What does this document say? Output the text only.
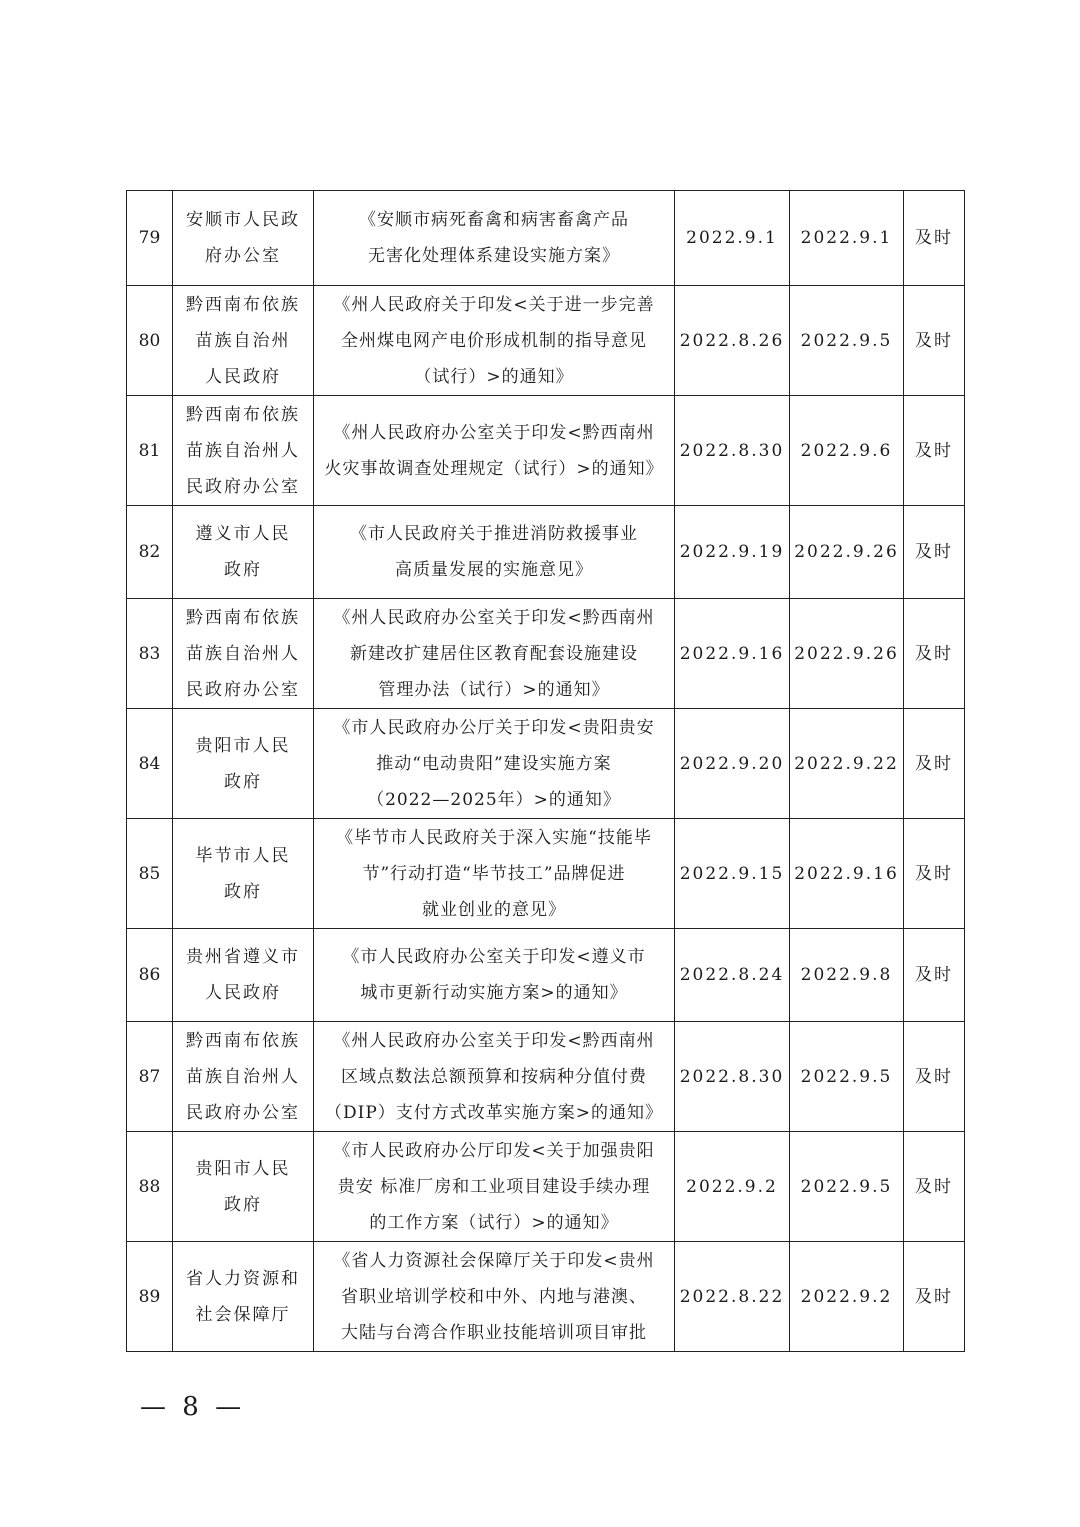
79	安顺市人民政
府办公室	《安顺市病死畜禽和病害畜禽产品
无害化处理体系建设实施方案》	2022.9.1	2022.9.1	及时
80	黔西南布依族
苗族自治州
人民政府	《州人民政府关于印发<关于进一步完善
全州煤电网产电价形成机制的指导意见
（试行）>的通知》	2022.8.26	2022.9.5	及时
81	黔西南布依族
苗族自治州人
民政府办公室	《州人民政府办公室关于印发<黔西南州
火灾事故调查处理规定（试行）>的通知》	2022.8.30	2022.9.6	及时
82	遵义市人民
政府	《市人民政府关于推进消防救援事业
高质量发展的实施意见》	2022.9.19	2022.9.26	及时
83	黔西南布依族
苗族自治州人
民政府办公室	《州人民政府办公室关于印发<黔西南州
新建改扩建居住区教育配套设施建设
管理办法（试行）>的通知》	2022.9.16	2022.9.26	及时
84	贵阳市人民
政府	《市人民政府办公厅关于印发<贵阳贵安
推动“电动贵阳”建设实施方案
（2022—2025年）>的通知》	2022.9.20	2022.9.22	及时
85	毕节市人民
政府	《毕节市人民政府关于深入实施“技能毕
节”行动打造“毕节技工”品牌促进
就业创业的意见》	2022.9.15	2022.9.16	及时
86	贵州省遵义市
人民政府	《市人民政府办公室关于印发<遵义市
城市更新行动实施方案>的通知》	2022.8.24	2022.9.8	及时
87	黔西南布依族
苗族自治州人
民政府办公室	《州人民政府办公室关于印发<黔西南州
区域点数法总额预算和按病种分值付费
（DIP）支付方式改革实施方案>的通知》	2022.8.30	2022.9.5	及时
88	贵阳市人民
政府	《市人民政府办公厅印发<关于加强贵阳
贵安 标准厂房和工业项目建设手续办理
的工作方案（试行）>的通知》	2022.9.2	2022.9.5	及时
89	省人力资源和
社会保障厅	《省人力资源社会保障厅关于印发<贵州
省职业培训学校和中外、内地与港澳、
大陆与台湾合作职业技能培训项目审批	2022.8.22	2022.9.2	及时
— 8 —
